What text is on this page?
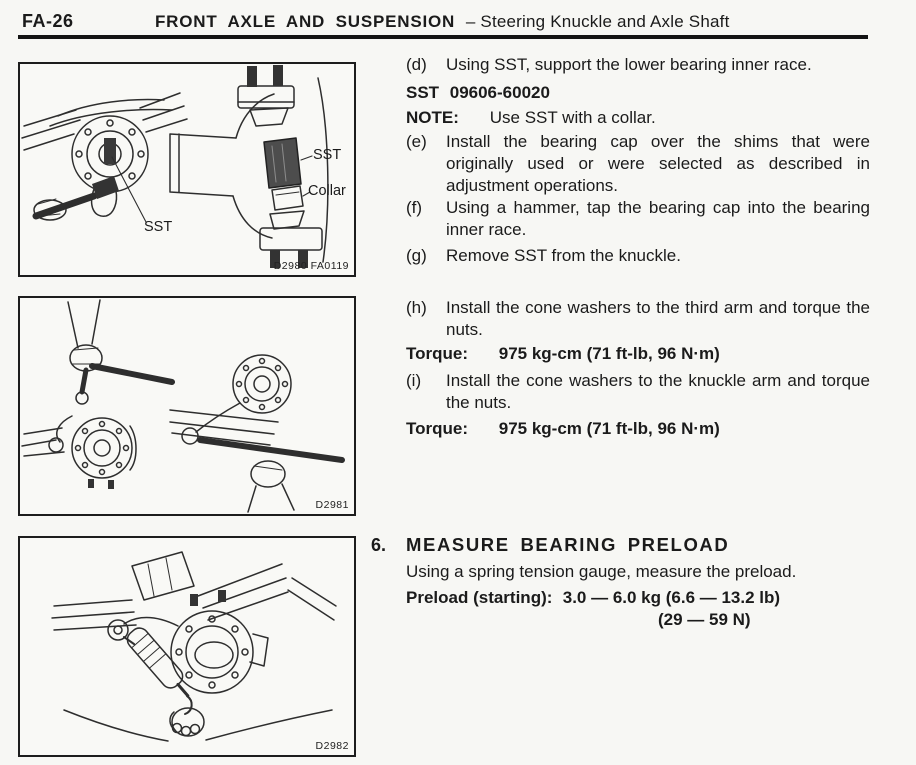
FA-26	FRONT AXLE AND SUSPENSION – Steering Knuckle and Axle Shaft
SST
SST
Collar
D2980 FA0119
D2981
D2982
(d) Using SST, support the lower bearing inner race.
SST 09606-60020
NOTE: Use SST with a collar.
(e) Install the bearing cap over the shims that were originally used or were selected as described in adjustment operations.
(f) Using a hammer, tap the bearing cap into the bearing inner race.
(g) Remove SST from the knuckle.
(h) Install the cone washers to the third arm and torque the nuts.
Torque: 975 kg-cm (71 ft-lb, 96 N·m)
(i) Install the cone washers to the knuckle arm and torque the nuts.
Torque: 975 kg-cm (71 ft-lb, 96 N·m)
6. MEASURE BEARING PRELOAD
Using a spring tension gauge, measure the preload.
Preload (starting): 3.0 — 6.0 kg (6.6 — 13.2 lb)
(29 — 59 N)
